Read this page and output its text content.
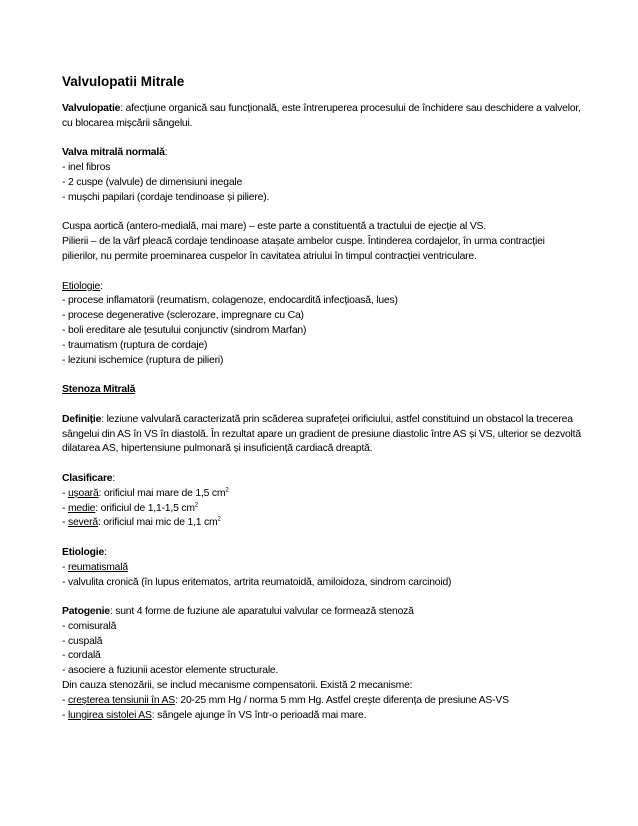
Valvulopatii Mitrale

Valvulopatie: afecțiune organică sau funcțională, este întreruperea procesului de închidere sau deschidere a valvelor, cu blocarea mișcării sângelui.

Valva mitrală normală:

- inel fibros
- 2 cuspe (valvule) de dimensiuni inegale
- mușchi papilari (cordaje tendinoase și piliere).

Cuspa aortică (antero-medială, mai mare) – este parte a constituentă a tractului de ejecție al VS.

Pilierii – de la vârf pleacă cordaje tendinoase atașate ambelor cuspe. Întinderea cordajelor, în urma contracției pilierilor, nu permite proeminarea cuspelor în cavitatea atriului în timpul contracției ventriculare.

Etiologie:

- procese inflamatorii (reumatism, colagenoze, endocardită infecțioasă, lues)
- procese degenerative (sclerozare, impregnare cu Ca)
- boli ereditare ale țesutului conjunctiv (sindrom Marfan)
- traumatism (ruptura de cordaje)
- leziuni ischemice (ruptura de pilieri)

Stenoza Mitrală

Definiție: leziune valvulară caracterizată prin scăderea suprafeței orificiului, astfel constituind un obstacol la trecerea sângelui din AS în VS în diastolă. În rezultat apare un gradient de presiune diastolic între AS și VS, ulterior se dezvoltă dilatarea AS, hipertensiune pulmonară și insuficiență cardiacă dreaptă.

Clasificare:

- ușoară: orificiul mai mare de 1,5 $cm^2$
- medie: orificiul de 1,1-1,5 $cm^2$
- severă: orificiul mai mic de 1,1 $cm^2$

Etiologie:

- reumatismală
- valvulita cronică (în lupus eritematos, artrita reumatoidă, amiloidoza, sindrom carcinoid)

Patogenie: sunt 4 forme de fuziune ale aparatului valvular ce formează stenoză

- comisurală
- cuspală
- cordală
- asociere a fuziunii acestor elemente structurale.
Din cauza stenozării, se includ mecanisme compensatorii. Există 2 mecanisme:
- creșterea tensiunii în AS: 20-25 mm Hg / norma 5 mm Hg. Astfel crește diferența de presiune AS-VS
- lungirea sistolei AS: sângele ajunge în VS într-o perioadă mai mare.
